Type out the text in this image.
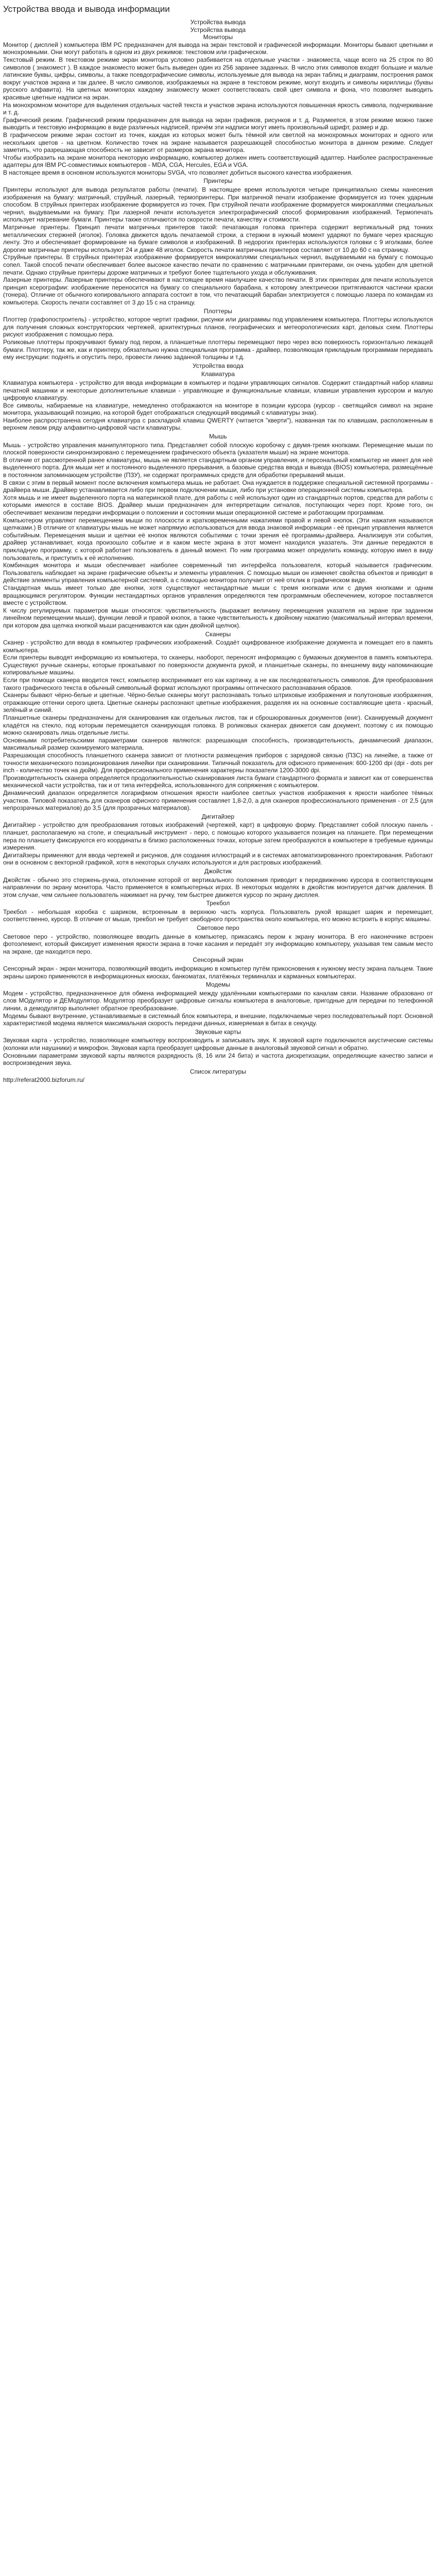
Устройства ввода и вывода информации

Устройства вывода

Устройства вывода

Мониторы

Монитор ( дисплей ) компьютера IBM PC предназначен для вывода на экран текстовой и графической информации. Мониторы бывают цветными и монохромными. Они могут работать в одном из двух режимов: текстовом или графическом.

Текстовый режим. В текстовом режиме экран монитора условно разбивается на отдельные участки - знакоместа, чаще всего на 25 строк по 80 символов ( знакомест ). В каждое знакоместо может быть выведен один из 256 заранее заданных. В число этих символов входят большие и малые латинские буквы, цифры, символы, а также псевдографические символы, используемые для вывода на экран таблиц и диаграмм, построения рамок вокруг участков экрана и так далее. В число символов, изображаемых на экране в текстовом режиме, могут входить и символы кириллицы (буквы русского алфавита). На цветных мониторах каждому знакоместу может соответствовать свой цвет символа и фона, что позволяет выводить красивые цветные надписи на экран.

На монохромном мониторе для выделения отдельных частей текста и участков экрана используются повышенная яркость символа, подчеркивание и т. д.

Графический режим. Графический режим предназначен для вывода на экран графиков, рисунков и т. д. Разумеется, в этом режиме можно также выводить и текстовую информацию в виде различных надписей, причём эти надписи могут иметь произвольный шрифт, размер и др.

В графическом режиме экран состоит из точек, каждая из которых может быть тёмной или светлой на монохромных мониторах и одного или нескольких цветов - на цветном. Количество точек на экране называется разрешающей способностью монитора в данном режиме. Следует заметить, что разрешающая способность не зависит от размеров экрана монитора.

Чтобы изобразить на экране монитора некоторую информацию, компьютер должен иметь соответствующий адаптер. Наиболее распространенные адаптеры для IBM PC-совместимых компьютеров - MDA, CGA, Hercules, EGA и VGA.

В настоящее время в основном используются мониторы SVGA, что позволяет добиться высокого качества изображения.

Принтеры

Принтеры используют для вывода результатов работы (печати). В настоящее время используются четыре принципиально схемы нанесения изображения на бумагу: матричный, струйный, лазерный, термопринтеры. При матричной печати изображение формируется из точек ударным способом. В струйных принтерах изображение формируется из точек. При струйной печати изображение формируется микрокаплями специальных чернил, выдуваемыми на бумагу. При лазерной печати используется электрографический способ формирования изображений. Термопечать использует нагревание бумаги. Принтеры также отличаются по скорости печати, качеству и стоимости.

Матричные принтеры. Принцип печати матричных принтеров такой: печатающая головка принтера содержит вертикальный ряд тонких металлических стержней (иголок). Головка движется вдоль печатаемой строки, а стержни в нужный момент ударяют по бумаге через красящую ленту. Это и обеспечивает формирование на бумаге символов и изображений. В недорогих принтерах используются головки с 9 иголками, более дорогие матричные принтеры используют 24 и даже 48 иголок. Скорость печати матричных принтеров составляет от 10 до 60 с на страницу.

Струйные принтеры. В струйных принтерах изображение формируется микрокаплями специальных чернил, выдуваемыми на бумагу с помощью сопел. Такой способ печати обеспечивает более высокое качество печати по сравнению с матричными принтерами, он очень удобен для цветной печати. Однако струйные принтеры дороже матричных и требуют более тщательного ухода и обслуживания.

Лазерные принтеры. Лазерные принтеры обеспечивают в настоящее время наилучшее качество печати. В этих принтерах для печати используется принцип ксерографии: изображение переносится на бумагу со специального барабана, к которому электрически притягиваются частички краски (тонера). Отличие от обычного копировального аппарата состоит в том, что печатающий барабан электризуется с помощью лазера по командам из компьютера. Скорость печати составляет от 3 до 15 с на страницу.

Плоттеры

Плоттер (графопостроитель) - устройство, которое чертит графики, рисунки или диаграммы под управлением компьютера. Плоттеры используются для получения сложных конструкторских чертежей, архитектурных планов, географических и метеорологических карт, деловых схем. Плоттеры рисуют изображения с помощью пера.

Роликовые плоттеры прокручивают бумагу под пером, а планшетные плоттеры перемещают перо через всю поверхность горизонтально лежащей бумаги. Плоттеру, так же, как и принтеру, обязательно нужна специальная программа - драйвер, позволяющая прикладным программам передавать ему инструкции: поднять и опустить перо, провести линию заданной толщины и т.д.

Устройства ввода

Клавиатура

Клавиатура компьютера - устройство для ввода информации в компьютер и подачи управляющих сигналов. Содержит стандартный набор клавиш печатной машинки и некоторые дополнительные клавиши - управляющие и функциональные клавиши, клавиши управления курсором и малую цифровую клавиатуру.

Все символы, набираемые на клавиатуре, немедленно отображаются на мониторе в позиции курсора (курсор - светящийся символ на экране монитора, указывающий позицию, на которой будет отображаться следующий вводимый с клавиатуры знак).

Наиболее распространена сегодня клавиатура с раскладкой клавиш QWERTY (читается "кверти"), названная так по клавишам, расположенным в верхнем левом ряду алфавитно-цифровой части клавиатуры.

Мышь

Мышь - устройство управления манипуляторного типа. Представляет собой плоскую коробочку с двумя-тремя кнопками. Перемещение мыши по плоской поверхности синхронизировано с перемещением графического объекта (указателя мыши) на экране монитора.

В отличие от рассмотренной ранее клавиатуры, мышь не является стандартным органом управления, и персональный компьютер не имеет для неё выделенного порта. Для мыши нет и постоянного выделенного прерывания, а базовые средства ввода и вывода (BIOS) компьютера, размещённые в постоянном запоминающем устройстве (ПЗУ), не содержат программных средств для обработки прерываний мыши.

В связи с этим в первый момент после включения компьютера мышь не работает. Она нуждается в поддержке специальной системной программы - драйвера мыши. Драйвер устанавливается либо при первом подключении мыши, либо при установке операционной системы компьютера.

Хотя мышь и не имеет выделенного порта на материнской плате, для работы с ней используют один из стандартных портов, средства для работы с которыми имеются в составе BIOS. Драйвер мыши предназначен для интерпретации сигналов, поступающих через порт. Кроме того, он обеспечивает механизм передачи информации о положении и состоянии мыши операционной системе и работающим программам.

Компьютером управляют перемещением мыши по плоскости и кратковременными нажатиями правой и левой кнопок. (Эти нажатия называются щелчками.) В отличие от клавиатуры мышь не может напрямую использоваться для ввода знаковой информации - её принцип управления является событийным. Перемещения мыши и щелчки её кнопок являются событиями с точки зрения её программы-драйвера. Анализируя эти события, драйвер устанавливает, когда произошло событие и в каком месте экрана в этот момент находился указатель. Эти данные передаются в прикладную программу, с которой работает пользователь в данный момент. По ним программа может определить команду, которую имел в виду пользователь, и приступить к её исполнению.

Комбинация монитора и мыши обеспечивает наиболее современный тип интерфейса пользователя, который называется графическим. Пользователь наблюдает на экране графические объекты и элементы управления. С помощью мыши он изменяет свойства объектов и приводит в действие элементы управления компьютерной системой, а с помощью монитора получает от неё отклик в графическом виде.

Стандартная мышь имеет только две кнопки, хотя существуют нестандартные мыши с тремя кнопками или с двумя кнопками и одним вращающимся регулятором. Функции нестандартных органов управления определяются тем программным обеспечением, которое поставляется вместе с устройством.

К числу регулируемых параметров мыши относятся: чувствительность (выражает величину перемещения указателя на экране при заданном линейном перемещении мыши), функции левой и правой кнопок, а также чувствительность к двойному нажатию (максимальный интервал времени, при котором два щелчка кнопкой мыши расцениваются как один двойной щелчок).

Сканеры

Сканер - устройство для ввода в компьютер графических изображений. Создаёт оцифрованное изображение документа и помещает его в память компьютера.

Если принтеры выводят информацию из компьютера, то сканеры, наоборот, переносят информацию с бумажных документов в память компьютера. Существуют ручные сканеры, которые прокатывают по поверхности документа рукой, и планшетные сканеры, по внешнему виду напоминающие копировальные машины.

Если при помощи сканера вводится текст, компьютер воспринимает его как картинку, а не как последовательность символов. Для преобразования такого графического текста в обычный символьный формат используют программы оптического распознавания образов.

Сканеры бывают чёрно-белые и цветные. Чёрно-белые сканеры могут распознавать только штриховые изображения и полутоновые изображения, отражающие оттенки серого цвета. Цветные сканеры распознают цветные изображения, разделяя их на основные составляющие цвета - красный, зелёный и синий.

Планшетные сканеры предназначены для сканирования как отдельных листов, так и сброшюрованных документов (книг). Сканируемый документ кладётся на стекло, под которым перемещается сканирующая головка. В роликовых сканерах движется сам документ, поэтому с их помощью можно сканировать лишь отдельные листы.

Основными потребительскими параметрами сканеров являются: разрешающая способность, производительность, динамический диапазон, максимальный размер сканируемого материала.

Разрешающая способность планшетного сканера зависит от плотности размещения приборов с зарядовой связью (ПЗС) на линейке, а также от точности механического позиционирования линейки при сканировании. Типичный показатель для офисного применения: 600-1200 dpi (dpi - dots per inch - количество точек на дюйм). Для профессионального применения характерны показатели 1200-3000 dpi.

Производительность сканера определяется продолжительностью сканирования листа бумаги стандартного формата и зависит как от совершенства механической части устройства, так и от типа интерфейса, использованного для сопряжения с компьютером.

Динамический диапазон определяется логарифмом отношения яркости наиболее светлых участков изображения к яркости наиболее тёмных участков. Типовой показатель для сканеров офисного применения составляет 1,8-2,0, а для сканеров профессионального применения - от 2,5 (для непрозрачных материалов) до 3,5 (для прозрачных материалов).

Дигитайзер

Дигитайзер - устройство для преобразования готовых изображений (чертежей, карт) в цифровую форму. Представляет собой плоскую панель - планшет, располагаемую на столе, и специальный инструмент - перо, с помощью которого указывается позиция на планшете. При перемещении пера по планшету фиксируются его координаты в близко расположенных точках, которые затем преобразуются в компьютере в требуемые единицы измерения.

Дигитайзеры применяют для ввода чертежей и рисунков, для создания иллюстраций и в системах автоматизированного проектирования. Работают они в основном с векторной графикой, хотя в некоторых случаях используются и для растровых изображений.

Джойстик

Джойстик - обычно это стержень-ручка, отклонение которой от вертикального положения приводит к передвижению курсора в соответствующем направлении по экрану монитора. Часто применяется в компьютерных играх. В некоторых моделях в джойстик монтируется датчик давления. В этом случае, чем сильнее пользователь нажимает на ручку, тем быстрее движется курсор по экрану дисплея.

Трекбол

Трекбол - небольшая коробка с шариком, встроенным в верхнюю часть корпуса. Пользователь рукой вращает шарик и перемещает, соответственно, курсор. В отличие от мыши, трекбол не требует свободного пространства около компьютера, его можно встроить в корпус машины.

Световое перо

Световое перо - устройство, позволяющее вводить данные в компьютер, прикасаясь пером к экрану монитора. В его наконечнике встроен фотоэлемент, который фиксирует изменения яркости экрана в точке касания и передаёт эту информацию компьютеру, указывая тем самым место на экране, где находится перо.

Сенсорный экран

Сенсорный экран - экран монитора, позволяющий вводить информацию в компьютер путём прикосновения к нужному месту экрана пальцем. Такие экраны широко применяются в информационных киосках, банкоматах, платёжных терминалах и карманных компьютерах.

Модемы

Модем - устройство, предназначенное для обмена информацией между удалёнными компьютерами по каналам связи. Название образовано от слов МОдулятор и ДЕМодулятор. Модулятор преобразует цифровые сигналы компьютера в аналоговые, пригодные для передачи по телефонной линии, а демодулятор выполняет обратное преобразование.

Модемы бывают внутренние, устанавливаемые в системный блок компьютера, и внешние, подключаемые через последовательный порт. Основной характеристикой модема является максимальная скорость передачи данных, измеряемая в битах в секунду.

Звуковые карты

Звуковая карта - устройство, позволяющее компьютеру воспроизводить и записывать звук. К звуковой карте подключаются акустические системы (колонки или наушники) и микрофон. Звуковая карта преобразует цифровые данные в аналоговый звуковой сигнал и обратно.

Основными параметрами звуковой карты являются разрядность (8, 16 или 24 бита) и частота дискретизации, определяющие качество записи и воспроизведения звука.

Список литературы

http://referat2000.bizforum.ru/
